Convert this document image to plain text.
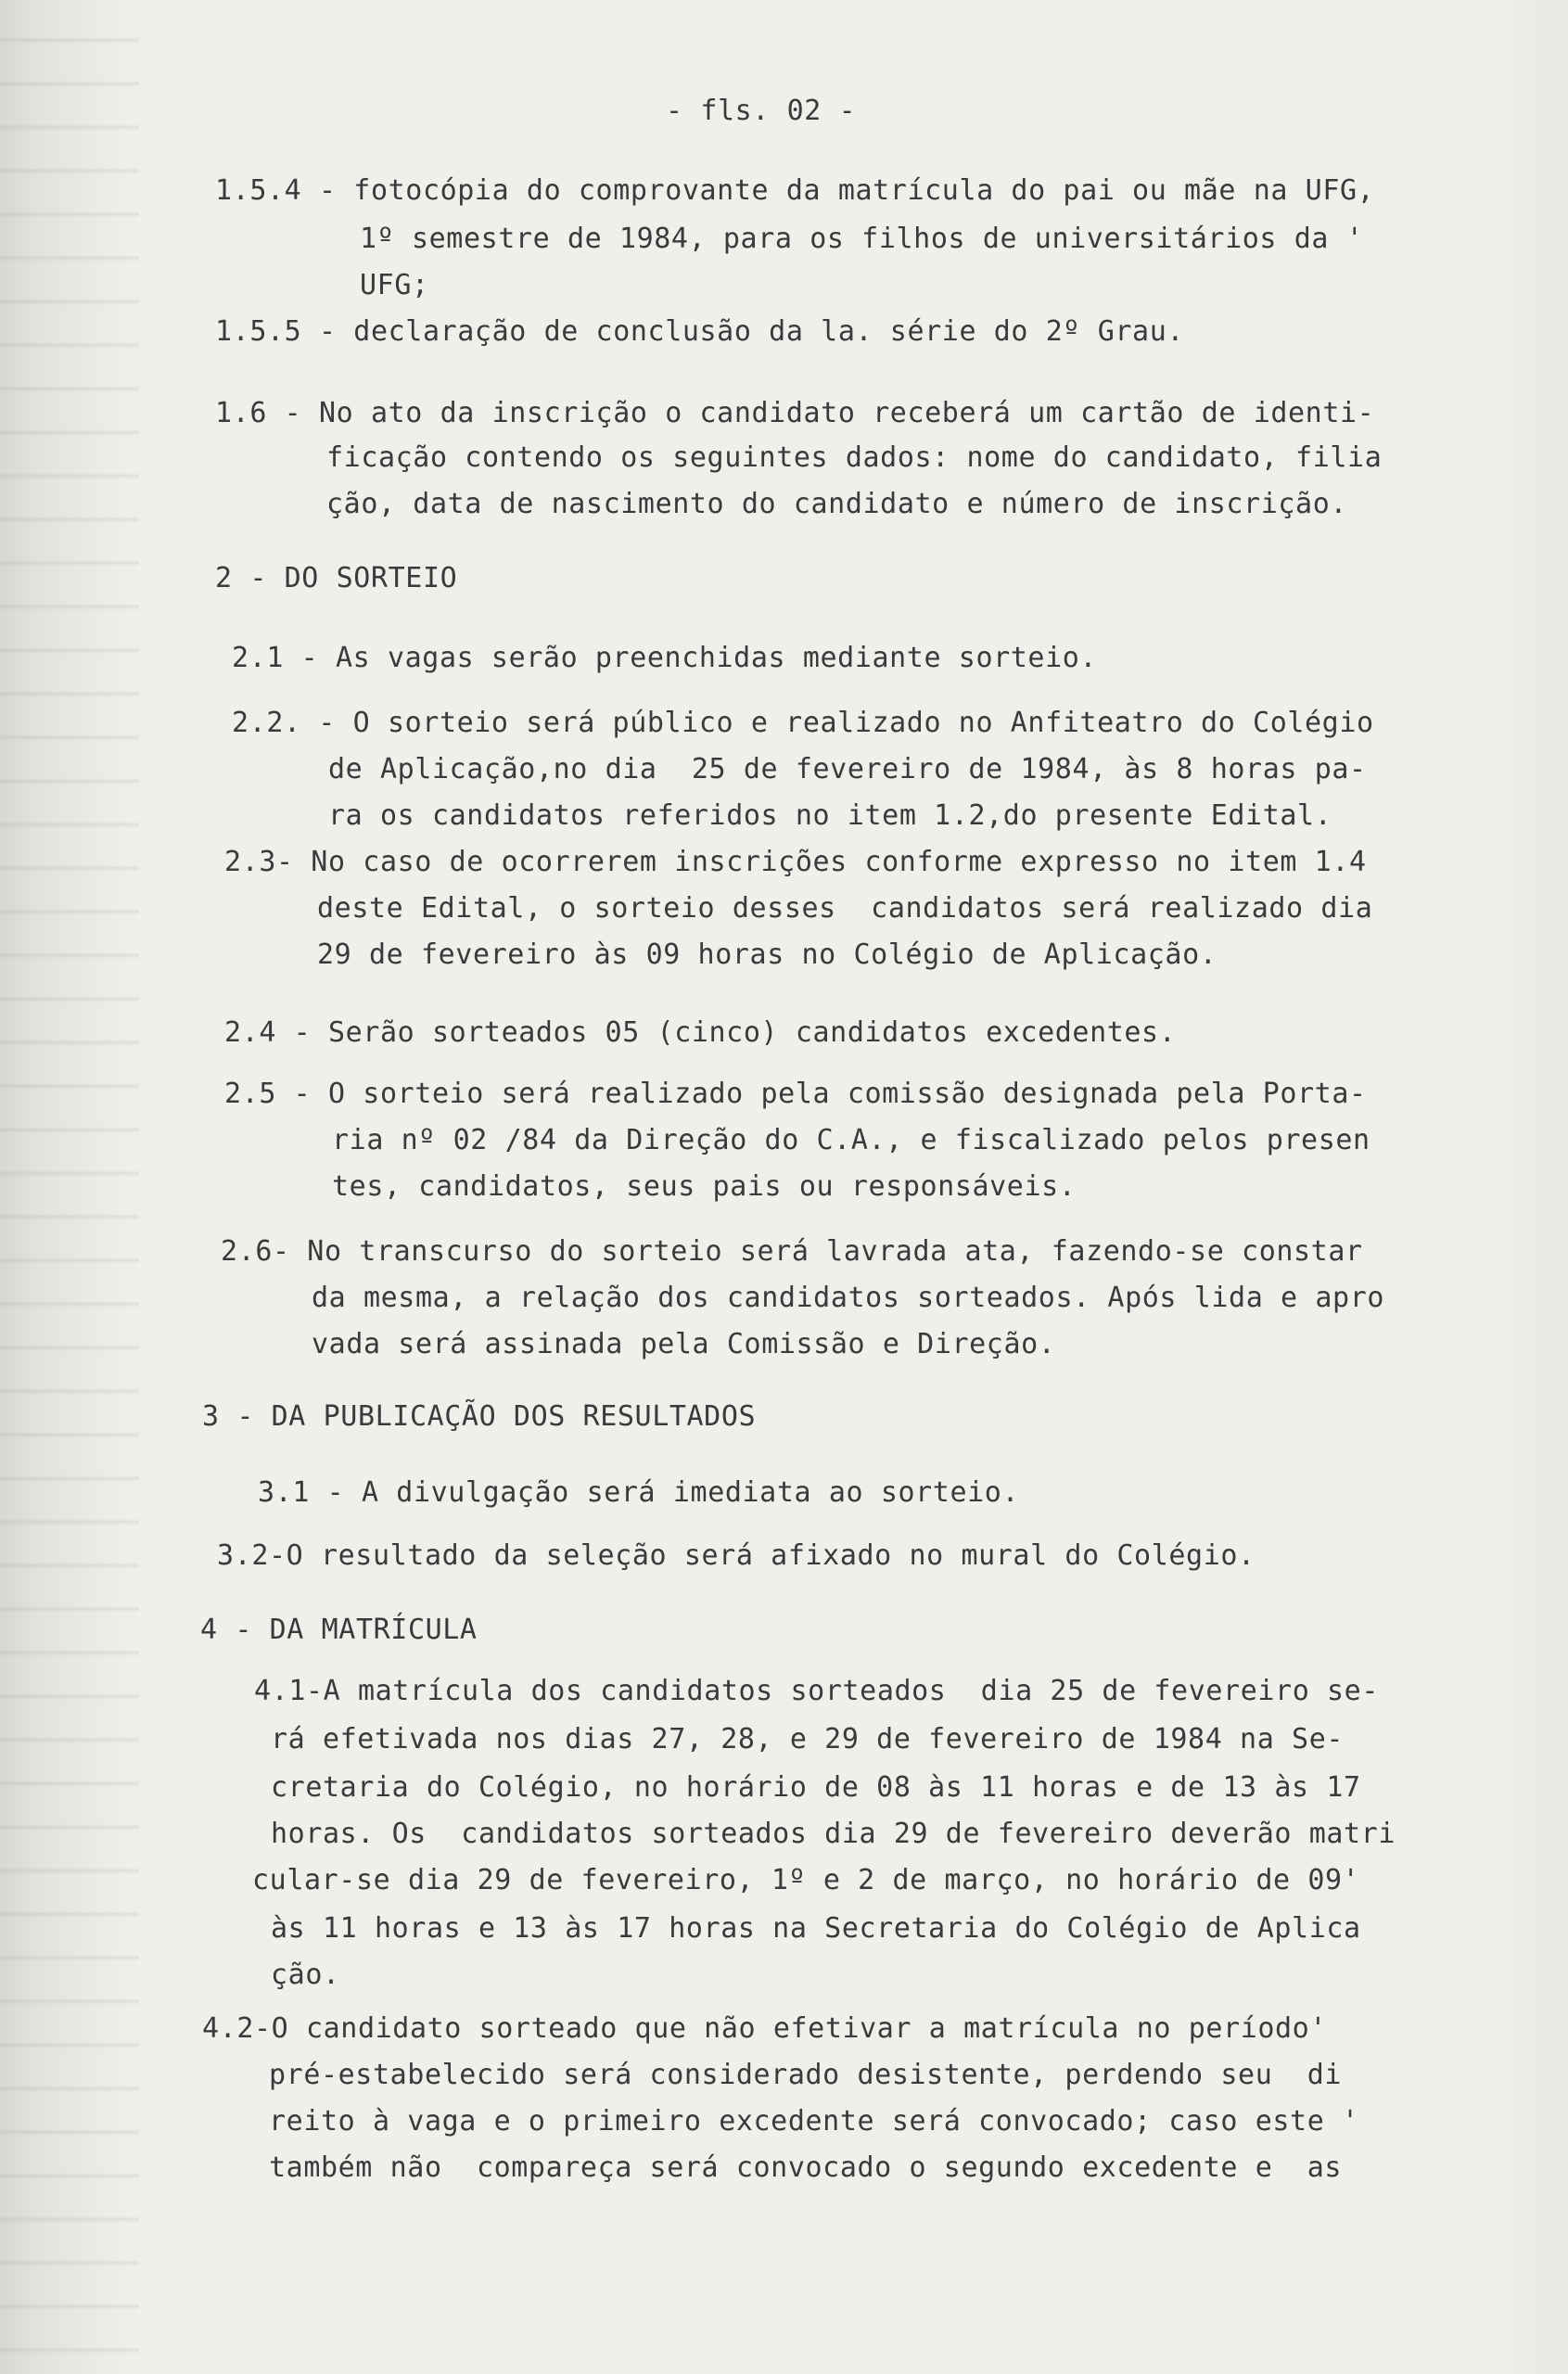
- fls. 02 -
1.5.4 - fotocópia do comprovante da matrícula do pai ou mãe na UFG,
1º semestre de 1984, para os filhos de universitários da '
UFG;
1.5.5 - declaração de conclusão da la. série do 2º Grau.
1.6 - No ato da inscrição o candidato receberá um cartão de identi-
ficação contendo os seguintes dados: nome do candidato, filia
ção, data de nascimento do candidato e número de inscrição.
2 - DO SORTEIO
2.1 - As vagas serão preenchidas mediante sorteio.
2.2. - O sorteio será público e realizado no Anfiteatro do Colégio
de Aplicação,no dia  25 de fevereiro de 1984, às 8 horas pa-
ra os candidatos referidos no item 1.2,do presente Edital.
2.3- No caso de ocorrerem inscrições conforme expresso no item 1.4
deste Edital, o sorteio desses  candidatos será realizado dia
29 de fevereiro às 09 horas no Colégio de Aplicação.
2.4 - Serão sorteados 05 (cinco) candidatos excedentes.
2.5 - O sorteio será realizado pela comissão designada pela Porta-
ria nº 02 /84 da Direção do C.A., e fiscalizado pelos presen
tes, candidatos, seus pais ou responsáveis.
2.6- No transcurso do sorteio será lavrada ata, fazendo-se constar
da mesma, a relação dos candidatos sorteados. Após lida e apro
vada será assinada pela Comissão e Direção.
3 - DA PUBLICAÇÃO DOS RESULTADOS
3.1 - A divulgação será imediata ao sorteio.
3.2-O resultado da seleção será afixado no mural do Colégio.
4 - DA MATRÍCULA
4.1-A matrícula dos candidatos sorteados  dia 25 de fevereiro se-
rá efetivada nos dias 27, 28, e 29 de fevereiro de 1984 na Se-
cretaria do Colégio, no horário de 08 às 11 horas e de 13 às 17
horas. Os  candidatos sorteados dia 29 de fevereiro deverão matri
cular-se dia 29 de fevereiro, 1º e 2 de março, no horário de 09'
às 11 horas e 13 às 17 horas na Secretaria do Colégio de Aplica
ção.
4.2-O candidato sorteado que não efetivar a matrícula no período'
pré-estabelecido será considerado desistente, perdendo seu  di
reito à vaga e o primeiro excedente será convocado; caso este '
também não  compareça será convocado o segundo excedente e  as
